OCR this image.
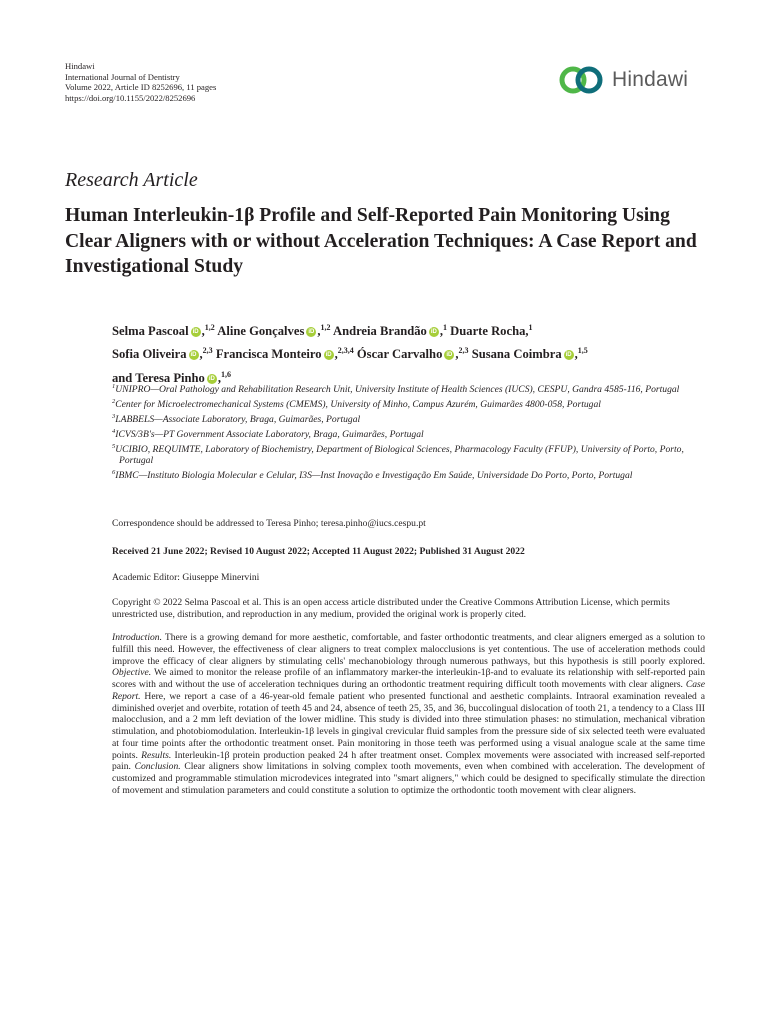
Hindawi
International Journal of Dentistry
Volume 2022, Article ID 8252696, 11 pages
https://doi.org/10.1155/2022/8252696
Hindawi
Research Article
Human Interleukin-1β Profile and Self-Reported Pain Monitoring Using Clear Aligners with or without Acceleration Techniques: A Case Report and Investigational Study
Selma Pascoal iD ,$^{1,2}$ Aline Gonçalves iD ,$^{1,2}$ Andreia Brandão iD ,$^1$ Duarte Rocha,$^1$
Sofia Oliveira iD ,$^{2,3}$ Francisca Monteiro iD ,$^{2,3,4}$ Óscar Carvalho iD ,$^{2,3}$ Susana Coimbra iD ,$^{1,5}$
and Teresa Pinho iD ,$^{1,6}$

$^1$UNIPRO—Oral Pathology and Rehabilitation Research Unit, University Institute of Health Sciences (IUCS), CESPU, Gandra 4585-116, Portugal

$^2$Center for Microelectromechanical Systems (CMEMS), University of Minho, Campus Azurém, Guimarães 4800-058, Portugal

$^3$LABBELS—Associate Laboratory, Braga, Guimarães, Portugal

$^4$ICVS/3B's—PT Government Associate Laboratory, Braga, Guimarães, Portugal

$^5$UCIBIO, REQUIMTE, Laboratory of Biochemistry, Department of Biological Sciences, Pharmacology Faculty (FFUP), University of Porto, Porto, Portugal

$^6$IBMC—Instituto Biologia Molecular e Celular, I3S—Inst Inovação e Investigação Em Saúde, Universidade Do Porto, Porto, Portugal

Correspondence should be addressed to Teresa Pinho; teresa.pinho@iucs.cespu.pt
Received 21 June 2022; Revised 10 August 2022; Accepted 11 August 2022; Published 31 August 2022
Academic Editor: Giuseppe Minervini

Copyright © 2022 Selma Pascoal et al. This is an open access article distributed under the Creative Commons Attribution License, which permits unrestricted use, distribution, and reproduction in any medium, provided the original work is properly cited.

Introduction. There is a growing demand for more aesthetic, comfortable, and faster orthodontic treatments, and clear aligners emerged as a solution to fulfill this need. However, the effectiveness of clear aligners to treat complex malocclusions is yet contentious. The use of acceleration methods could improve the efficacy of clear aligners by stimulating cells' mechanobiology through numerous pathways, but this hypothesis is still poorly explored. Objective. We aimed to monitor the release profile of an inflammatory marker-the interleukin-1β-and to evaluate its relationship with self-reported pain scores with and without the use of acceleration techniques during an orthodontic treatment requiring difficult tooth movements with clear aligners. Case Report. Here, we report a case of a 46-year-old female patient who presented functional and aesthetic complaints. Intraoral examination revealed a diminished overjet and overbite, rotation of teeth 45 and 24, absence of teeth 25, 35, and 36, buccolingual dislocation of tooth 21, a tendency to a Class III malocclusion, and a 2 mm left deviation of the lower midline. This study is divided into three stimulation phases: no stimulation, mechanical vibration stimulation, and photobiomodulation. Interleukin-1β levels in gingival crevicular fluid samples from the pressure side of six selected teeth were evaluated at four time points after the orthodontic treatment onset. Pain monitoring in those teeth was performed using a visual analogue scale at the same time points. Results. Interleukin-1β protein production peaked 24 h after treatment onset. Complex movements were associated with increased self-reported pain. Conclusion. Clear aligners show limitations in solving complex tooth movements, even when combined with acceleration. The development of customized and programmable stimulation microdevices integrated into "smart aligners," which could be designed to specifically stimulate the direction of movement and stimulation parameters and could constitute a solution to optimize the orthodontic tooth movement with clear aligners.
